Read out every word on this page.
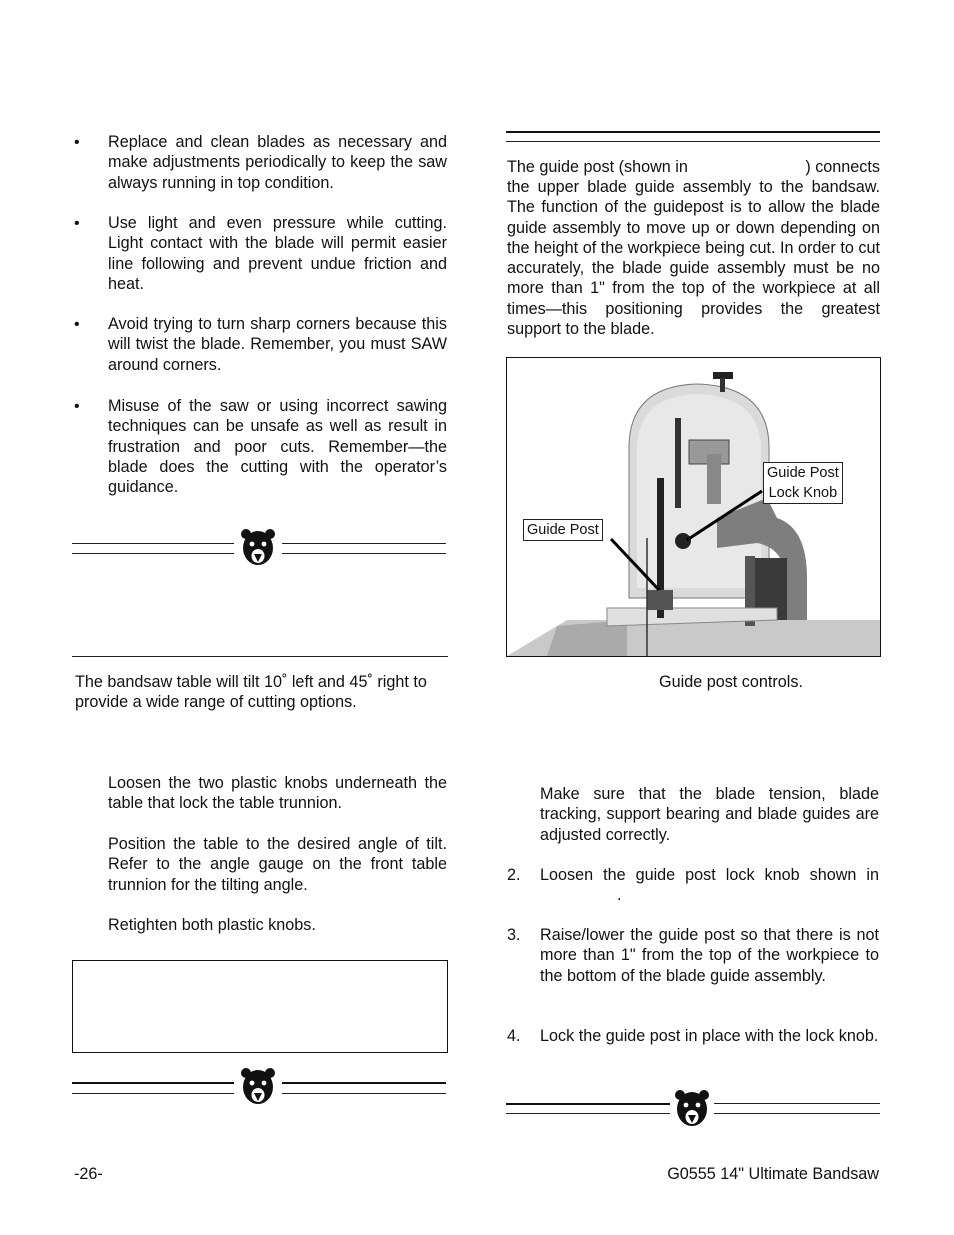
• Replace and clean blades as necessary and make adjustments periodically to keep the saw always running in top condition.
• Use light and even pressure while cutting. Light contact with the blade will permit easier line following and prevent undue friction and heat.
• Avoid trying to turn sharp corners because this will twist the blade. Remember, you must SAW around corners.
• Misuse of the saw or using incorrect sawing techniques can be unsafe as well as result in frustration and poor cuts. Remember—the blade does the cutting with the operator’s guidance.
The bandsaw table will tilt 10˚ left and 45˚ right to provide a wide range of cutting options.
Loosen the two plastic knobs underneath the table that lock the table trunnion.
Position the table to the desired angle of tilt. Refer to the angle gauge on the front table trunnion for the tilting angle.
Retighten both plastic knobs.
The guide post (shown in	) connects
the upper blade guide assembly to the bandsaw. The function of the guidepost is to allow the blade guide assembly to move up or down depending on the height of the workpiece being cut. In order to cut accurately, the blade guide assembly must be no more than 1" from the top of the workpiece at all times—this positioning provides the greatest support to the blade.
Guide Post
Guide Post
Lock Knob
Guide post controls.
Make sure that the blade tension, blade tracking, support bearing and blade guides are adjusted correctly.
2. Loosen the guide post lock knob shown in
.
3. Raise/lower the guide post so that there is not more than 1" from the top of the workpiece to the bottom of the blade guide assembly.
4. Lock the guide post in place with the lock knob.
-26-	G0555 14" Ultimate Bandsaw
